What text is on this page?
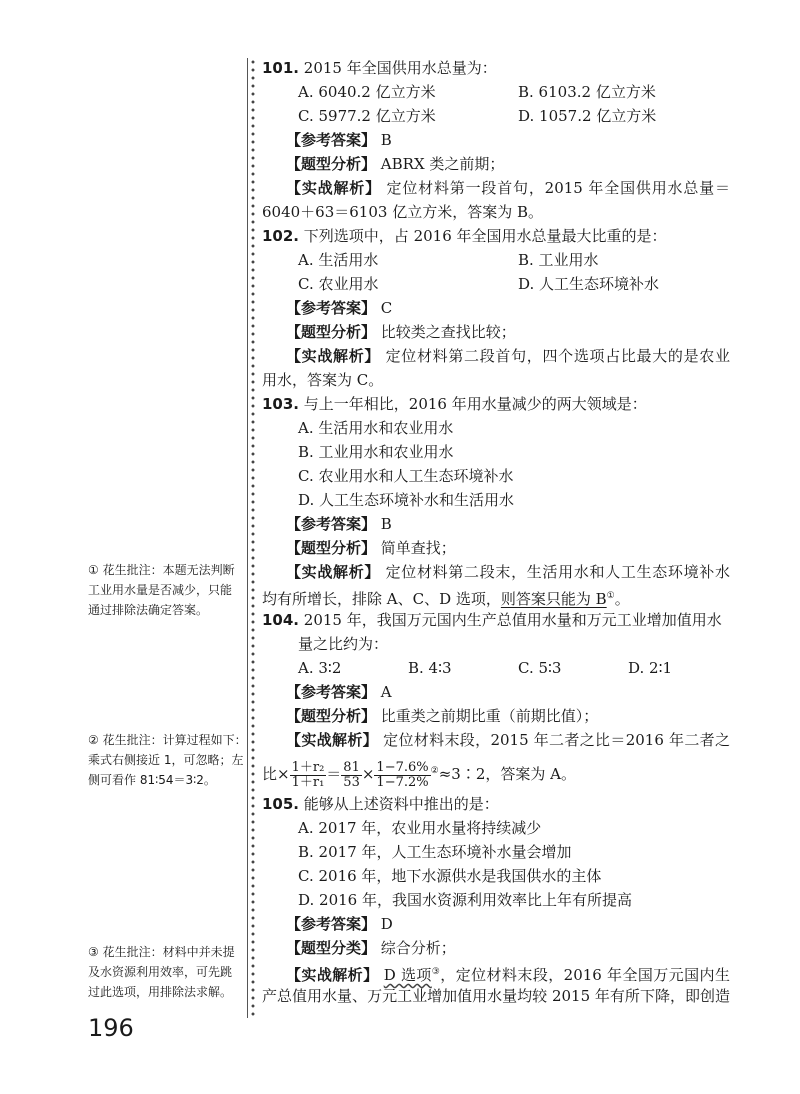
① 花生批注：本题无法判断
工业用水量是否减少，只能
通过排除法确定答案。
② 花生批注：计算过程如下：
乘式右侧接近 1，可忽略；左
侧可看作 81∶54＝3∶2。
③ 花生批注：材料中并未提
及水资源利用效率，可先跳
过此选项，用排除法求解。
196
101. 2015 年全国供用水总量为：
A. 6040.2 亿立方米	B. 6103.2 亿立方米
C. 5977.2 亿立方米	D. 1057.2 亿立方米
【参考答案】 B
【题型分析】 ABRX 类之前期；
【实战解析】 定位材料第一段首句，2015 年全国供用水总量＝
6040＋63＝6103 亿立方米，答案为 B。
102. 下列选项中，占 2016 年全国用水总量最大比重的是：
A. 生活用水	B. 工业用水
C. 农业用水	D. 人工生态环境补水
【参考答案】 C
【题型分析】 比较类之查找比较；
【实战解析】 定位材料第二段首句，四个选项占比最大的是农业
用水，答案为 C。
103. 与上一年相比，2016 年用水量减少的两大领域是：
A. 生活用水和农业用水
B. 工业用水和农业用水
C. 农业用水和人工生态环境补水
D. 人工生态环境补水和生活用水
【参考答案】 B
【题型分析】 简单查找；
【实战解析】 定位材料第二段末，生活用水和人工生态环境补水
均有所增长，排除 A、C、D 选项，则答案只能为 B①。
104. 2015 年，我国万元国内生产总值用水量和万元工业增加值用水
量之比约为：
A. 3∶2	B. 4∶3	C. 5∶3	D. 2∶1
【参考答案】 A
【题型分析】 比重类之前期比重（前期比值）；
【实战解析】 定位材料末段，2015 年二者之比＝2016 年二者之
比× $\frac{\text{1＋r₂}}{\text{1＋r₁}} = \frac{81}{53} \times \frac{1-7.6\%}{1-7.2\%}$ ②≈3∶2，答案为 A。
105. 能够从上述资料中推出的是：
A. 2017 年，农业用水量将持续减少
B. 2017 年，人工生态环境补水量会增加
C. 2016 年，地下水源供水是我国供水的主体
D. 2016 年，我国水资源利用效率比上年有所提高
【参考答案】 D
【题型分类】 综合分析；
【实战解析】 D 选项③，定位材料末段，2016 年全国万元国内生
产总值用水量、万元工业增加值用水量均较 2015 年有所下降，即创造
